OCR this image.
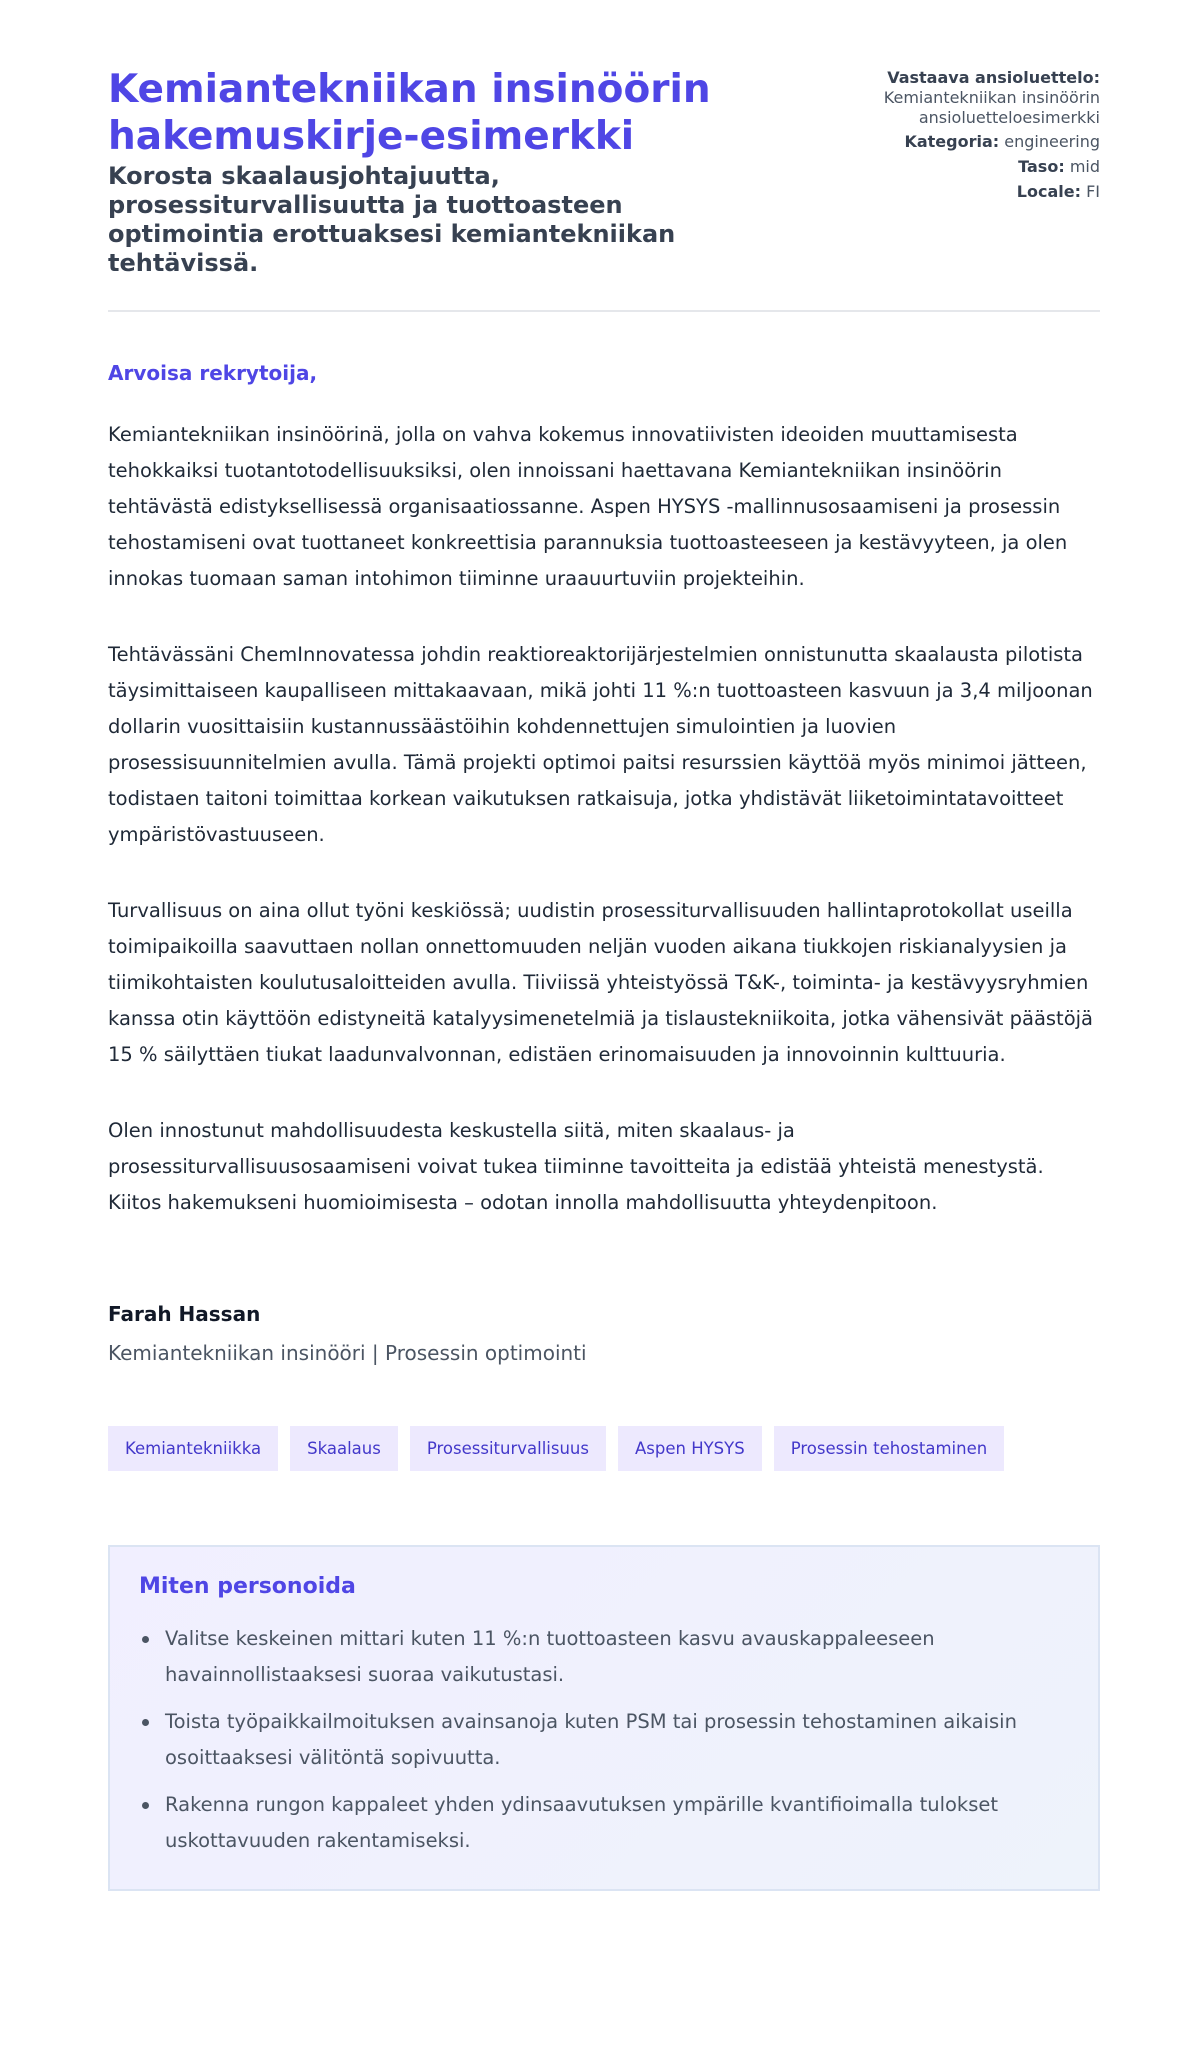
Kemiantekniikan insinöörin hakemuskirje-esimerkki
Korosta skaalausjohtajuutta, prosessiturvallisuutta ja tuottoasteen optimointia erottuaksesi kemiantekniikan tehtävissä.
Vastaava ansioluettelo:
Kemiantekniikan insinöörin ansioluetteloesimerkki
Kategoria: engineering
Taso: mid
Locale: FI

Arvoisa rekrytoija,

Kemiantekniikan insinöörinä, jolla on vahva kokemus innovatiivisten ideoiden muuttamisesta tehokkaiksi tuotantotodellisuuksiksi, olen innoissani haettavana Kemiantekniikan insinöörin tehtävästä edistyksellisessä organisaatiossanne. Aspen HYSYS -mallinnusosaamiseni ja prosessin tehostamiseni ovat tuottaneet konkreettisia parannuksia tuottoasteeseen ja kestävyyteen, ja olen innokas tuomaan saman intohimon tiiminne uraauurtuviin projekteihin.

Tehtävässäni ChemInnovatessa johdin reaktioreaktorijärjestelmien onnistunutta skaalausta pilotista täysimittaiseen kaupalliseen mittakaavaan, mikä johti 11 %:n tuottoasteen kasvuun ja 3,4 miljoonan dollarin vuosittaisiin kustannussäästöihin kohdennettujen simulointien ja luovien prosessisuunnitelmien avulla. Tämä projekti optimoi paitsi resurssien käyttöä myös minimoi jätteen, todistaen taitoni toimittaa korkean vaikutuksen ratkaisuja, jotka yhdistävät liiketoimintatavoitteet ympäristövastuuseen.

Turvallisuus on aina ollut työni keskiössä; uudistin prosessiturvallisuuden hallintaprotokollat useilla toimipaikoilla saavuttaen nollan onnettomuuden neljän vuoden aikana tiukkojen riskianalyysien ja tiimikohtaisten koulutusaloitteiden avulla. Tiiviissä yhteistyössä T&K-, toiminta- ja kestävyysryhmien kanssa otin käyttöön edistyneitä katalyysimenetelmiä ja tislaustekniikoita, jotka vähensivät päästöjä 15 % säilyttäen tiukat laadunvalvonnan, edistäen erinomaisuuden ja innovoinnin kulttuuria.

Olen innostunut mahdollisuudesta keskustella siitä, miten skaalaus- ja prosessiturvallisuusosaamiseni voivat tukea tiiminne tavoitteita ja edistää yhteistä menestystä. Kiitos hakemukseni huomioimisesta – odotan innolla mahdollisuutta yhteydenpitoon.

Farah Hassan

Kemiantekniikan insinööri | Prosessin optimointi

Kemiantekniikka	Skaalaus	Prosessiturvallisuus	Aspen HYSYS	Prosessin tehostaminen
Miten personoida
Valitse keskeinen mittari kuten 11 %:n tuottoasteen kasvu avauskappaleeseen havainnollistaaksesi suoraa vaikutustasi.
Toista työpaikkailmoituksen avainsanoja kuten PSM tai prosessin tehostaminen aikaisin osoittaaksesi välitöntä sopivuutta.
Rakenna rungon kappaleet yhden ydinsaavutuksen ympärille kvantifioimalla tulokset uskottavuuden rakentamiseksi.
